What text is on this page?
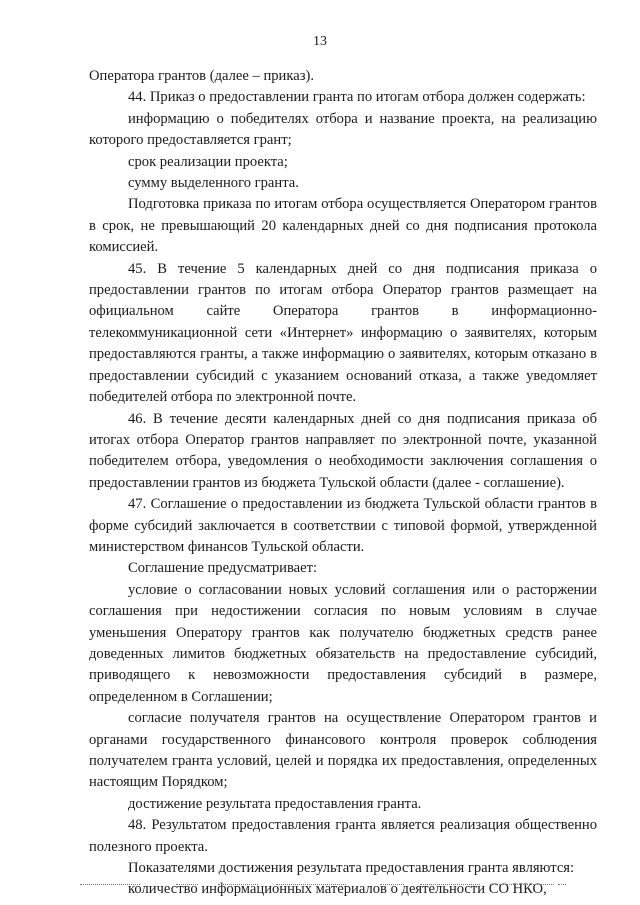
13

Оператора грантов (далее – приказ).

44. Приказ о предоставлении гранта по итогам отбора должен содержать:

информацию о победителях отбора и название проекта, на реализацию которого предоставляется грант;

срок реализации проекта;

сумму выделенного гранта.

Подготовка приказа по итогам отбора осуществляется Оператором грантов в срок, не превышающий 20 календарных дней со дня подписания протокола комиссией.

45. В течение 5 календарных дней со дня подписания приказа о предоставлении грантов по итогам отбора Оператор грантов размещает на официальном сайте Оператора грантов в информационно-телекоммуникационной сети «Интернет» информацию о заявителях, которым предоставляются гранты, а также информацию о заявителях, которым отказано в предоставлении субсидий с указанием оснований отказа, а также уведомляет победителей отбора по электронной почте.

46. В течение десяти календарных дней со дня подписания приказа об итогах отбора Оператор грантов направляет по электронной почте, указанной победителем отбора, уведомления о необходимости заключения соглашения о предоставлении грантов из бюджета Тульской области (далее - соглашение).

47. Соглашение о предоставлении из бюджета Тульской области грантов в форме субсидий заключается в соответствии с типовой формой, утвержденной министерством финансов Тульской области.

Соглашение предусматривает:

условие о согласовании новых условий соглашения или о расторжении соглашения при недостижении согласия по новым условиям в случае уменьшения Оператору грантов как получателю бюджетных средств ранее доведенных лимитов бюджетных обязательств на предоставление субсидий, приводящего к невозможности предоставления субсидий в размере, определенном в Соглашении;

согласие получателя грантов на осуществление Оператором грантов и органами государственного финансового контроля проверок соблюдения получателем гранта условий, целей и порядка их предоставления, определенных настоящим Порядком;

достижение результата предоставления гранта.

48. Результатом предоставления гранта является реализация общественно полезного проекта.

Показателями достижения результата предоставления гранта являются:

количество информационных материалов о деятельности СО НКО,
